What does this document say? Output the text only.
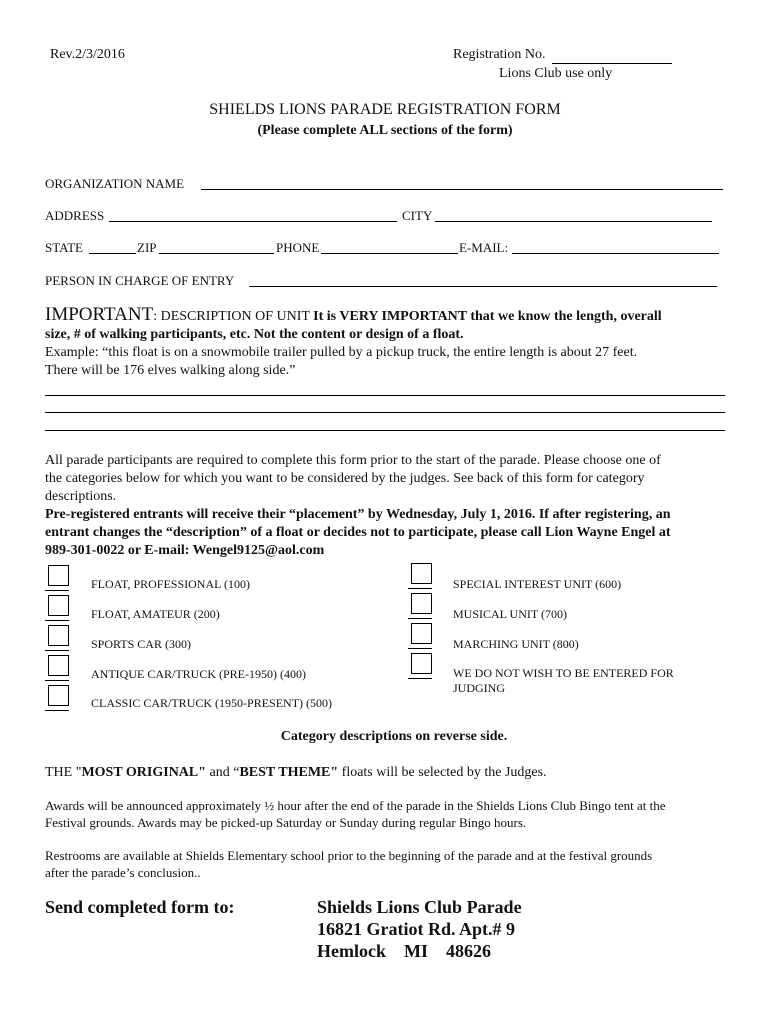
Rev.2/3/2016	Registration No.
Lions Club use only
SHIELDS LIONS PARADE REGISTRATION FORM
(Please complete ALL sections of the form)
ORGANIZATION NAME
ADDRESS	CITY
STATE	ZIP	PHONE	E-MAIL:
PERSON IN CHARGE OF ENTRY
IMPORTANT: DESCRIPTION OF UNIT It is VERY IMPORTANT that we know the length, overall
size, # of walking participants, etc. Not the content or design of a float.
Example: “this float is on a snowmobile trailer pulled by a pickup truck, the entire length is about 27 feet.
There will be 176 elves walking along side.”
All parade participants are required to complete this form prior to the start of the parade. Please choose one of
the categories below for which you want to be considered by the judges. See back of this form for category
descriptions.
Pre-registered entrants will receive their “placement” by Wednesday, July 1, 2016. If after registering, an
entrant changes the “description” of a float or decides not to participate, please call Lion Wayne Engel at
989-301-0022 or E-mail: Wengel9125@aol.com
FLOAT, PROFESSIONAL (100)
FLOAT, AMATEUR (200)
SPORTS CAR (300)
ANTIQUE CAR/TRUCK (PRE-1950) (400)
CLASSIC CAR/TRUCK (1950-PRESENT) (500)
SPECIAL INTEREST UNIT (600)
MUSICAL UNIT (700)
MARCHING UNIT (800)
WE DO NOT WISH TO BE ENTERED FOR
JUDGING
Category descriptions on reverse side.
THE "MOST ORIGINAL" and “BEST THEME" floats will be selected by the Judges.
Awards will be announced approximately ½ hour after the end of the parade in the Shields Lions Club Bingo tent at the
Festival grounds. Awards may be picked-up Saturday or Sunday during regular Bingo hours.
Restrooms are available at Shields Elementary school prior to the beginning of the parade and at the festival grounds
after the parade’s conclusion..
Send completed form to:	Shields Lions Club Parade
16821 Gratiot Rd. Apt.# 9
Hemlock    MI    48626
